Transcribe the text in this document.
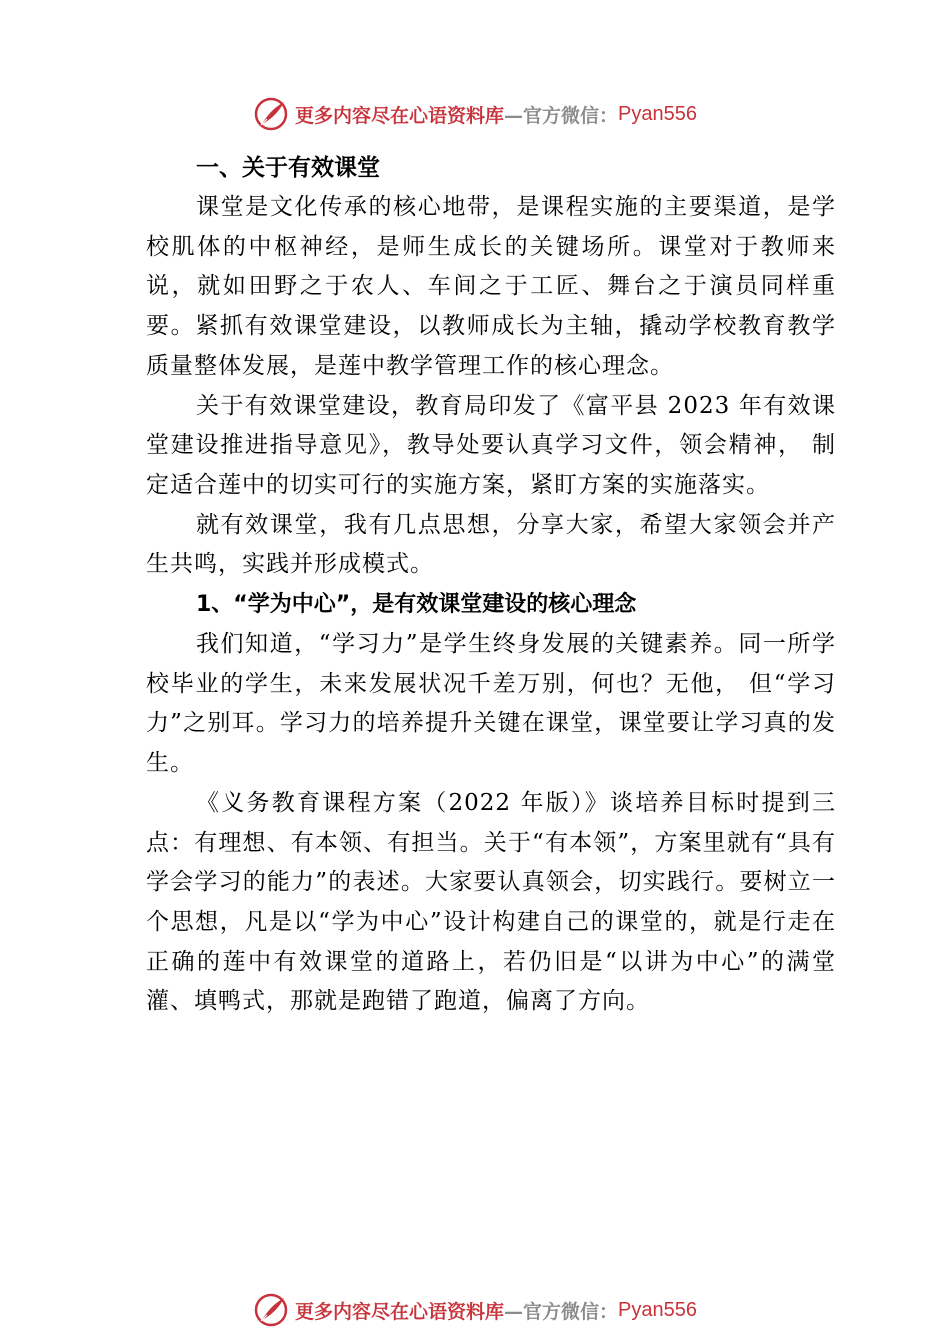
更多内容尽在心语资料库 —官方微信： Pyan556
一、关于有效课堂

课堂是文化传承的核心地带，是课程实施的主要渠道，是学校肌体的中枢神经，是师生成长的关键场所。课堂对于教师来说，就如田野之于农人、车间之于工匠、舞台之于演员同样重要。紧抓有效课堂建设，以教师成长为主轴，撬动学校教育教学质量整体发展，是莲中教学管理工作的核心理念。

关于有效课堂建设，教育局印发了《富平县 2023 年有效课堂建设推进指导意见》，教导处要认真学习文件，领会精神， 制定适合莲中的切实可行的实施方案，紧盯方案的实施落实。

就有效课堂，我有几点思想，分享大家，希望大家领会并产生共鸣，实践并形成模式。

1、“学为中心”，是有效课堂建设的核心理念

我们知道，“学习力”是学生终身发展的关键素养。同一所学校毕业的学生，未来发展状况千差万别，何也？无他， 但“学习力”之别耳。学习力的培养提升关键在课堂，课堂要让学习真的发生。

《义务教育课程方案（2022 年版）》谈培养目标时提到三点：有理想、有本领、有担当。关于“有本领”，方案里就有“具有学会学习的能力”的表述。大家要认真领会，切实践行。要树立一个思想，凡是以“学为中心”设计构建自己的课堂的，就是行走在正确的莲中有效课堂的道路上，若仍旧是“以讲为中心”的满堂灌、填鸭式，那就是跑错了跑道，偏离了方向。

更多内容尽在心语资料库 —官方微信： Pyan556
